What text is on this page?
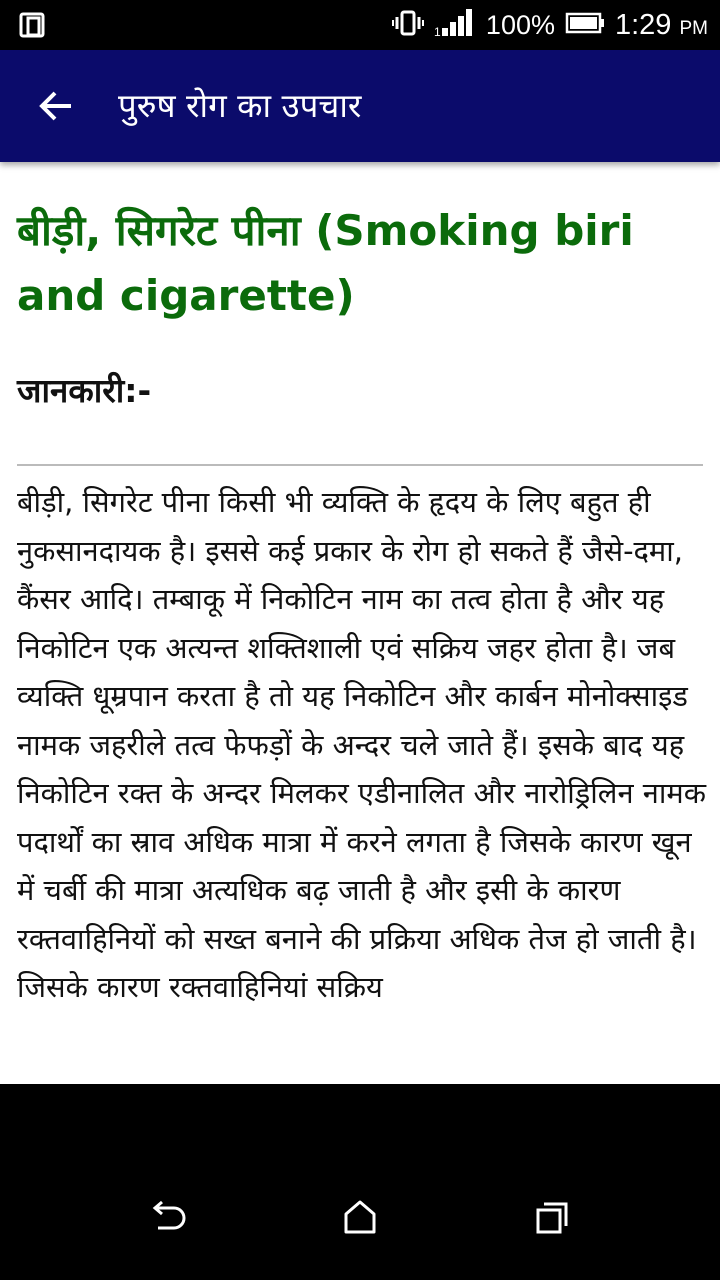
1 100% 1:29 PM
पुरुष रोग का उपचार
बीड़ी, सिगरेट पीना (Smoking biri and cigarette)
जानकारी:-

बीड़ी, सिगरेट पीना किसी भी व्यक्ति के हृदय के लिए बहुत ही नुकसानदायक है। इससे कई प्रकार के रोग हो सकते हैं जैसे-दमा, कैंसर आदि। तम्बाकू में निकोटिन नाम का तत्व होता है और यह निकोटिन एक अत्यन्त शक्तिशाली एवं सक्रिय जहर होता है। जब व्यक्ति धूम्रपान करता है तो यह निकोटिन और कार्बन मोनोक्साइड नामक जहरीले तत्व फेफड़ों के अन्दर चले जाते हैं। इसके बाद यह निकोटिन रक्त के अन्दर मिलकर एडीनालित और नारोड्रिलिन नामक पदार्थों का स्राव अधिक मात्रा में करने लगता है जिसके कारण खून में चर्बी की मात्रा अत्यधिक बढ़ जाती है और इसी के कारण रक्तवाहिनियों को सख्त बनाने की प्रक्रिया अधिक तेज हो जाती है। जिसके कारण रक्तवाहिनियां सक्रिय
